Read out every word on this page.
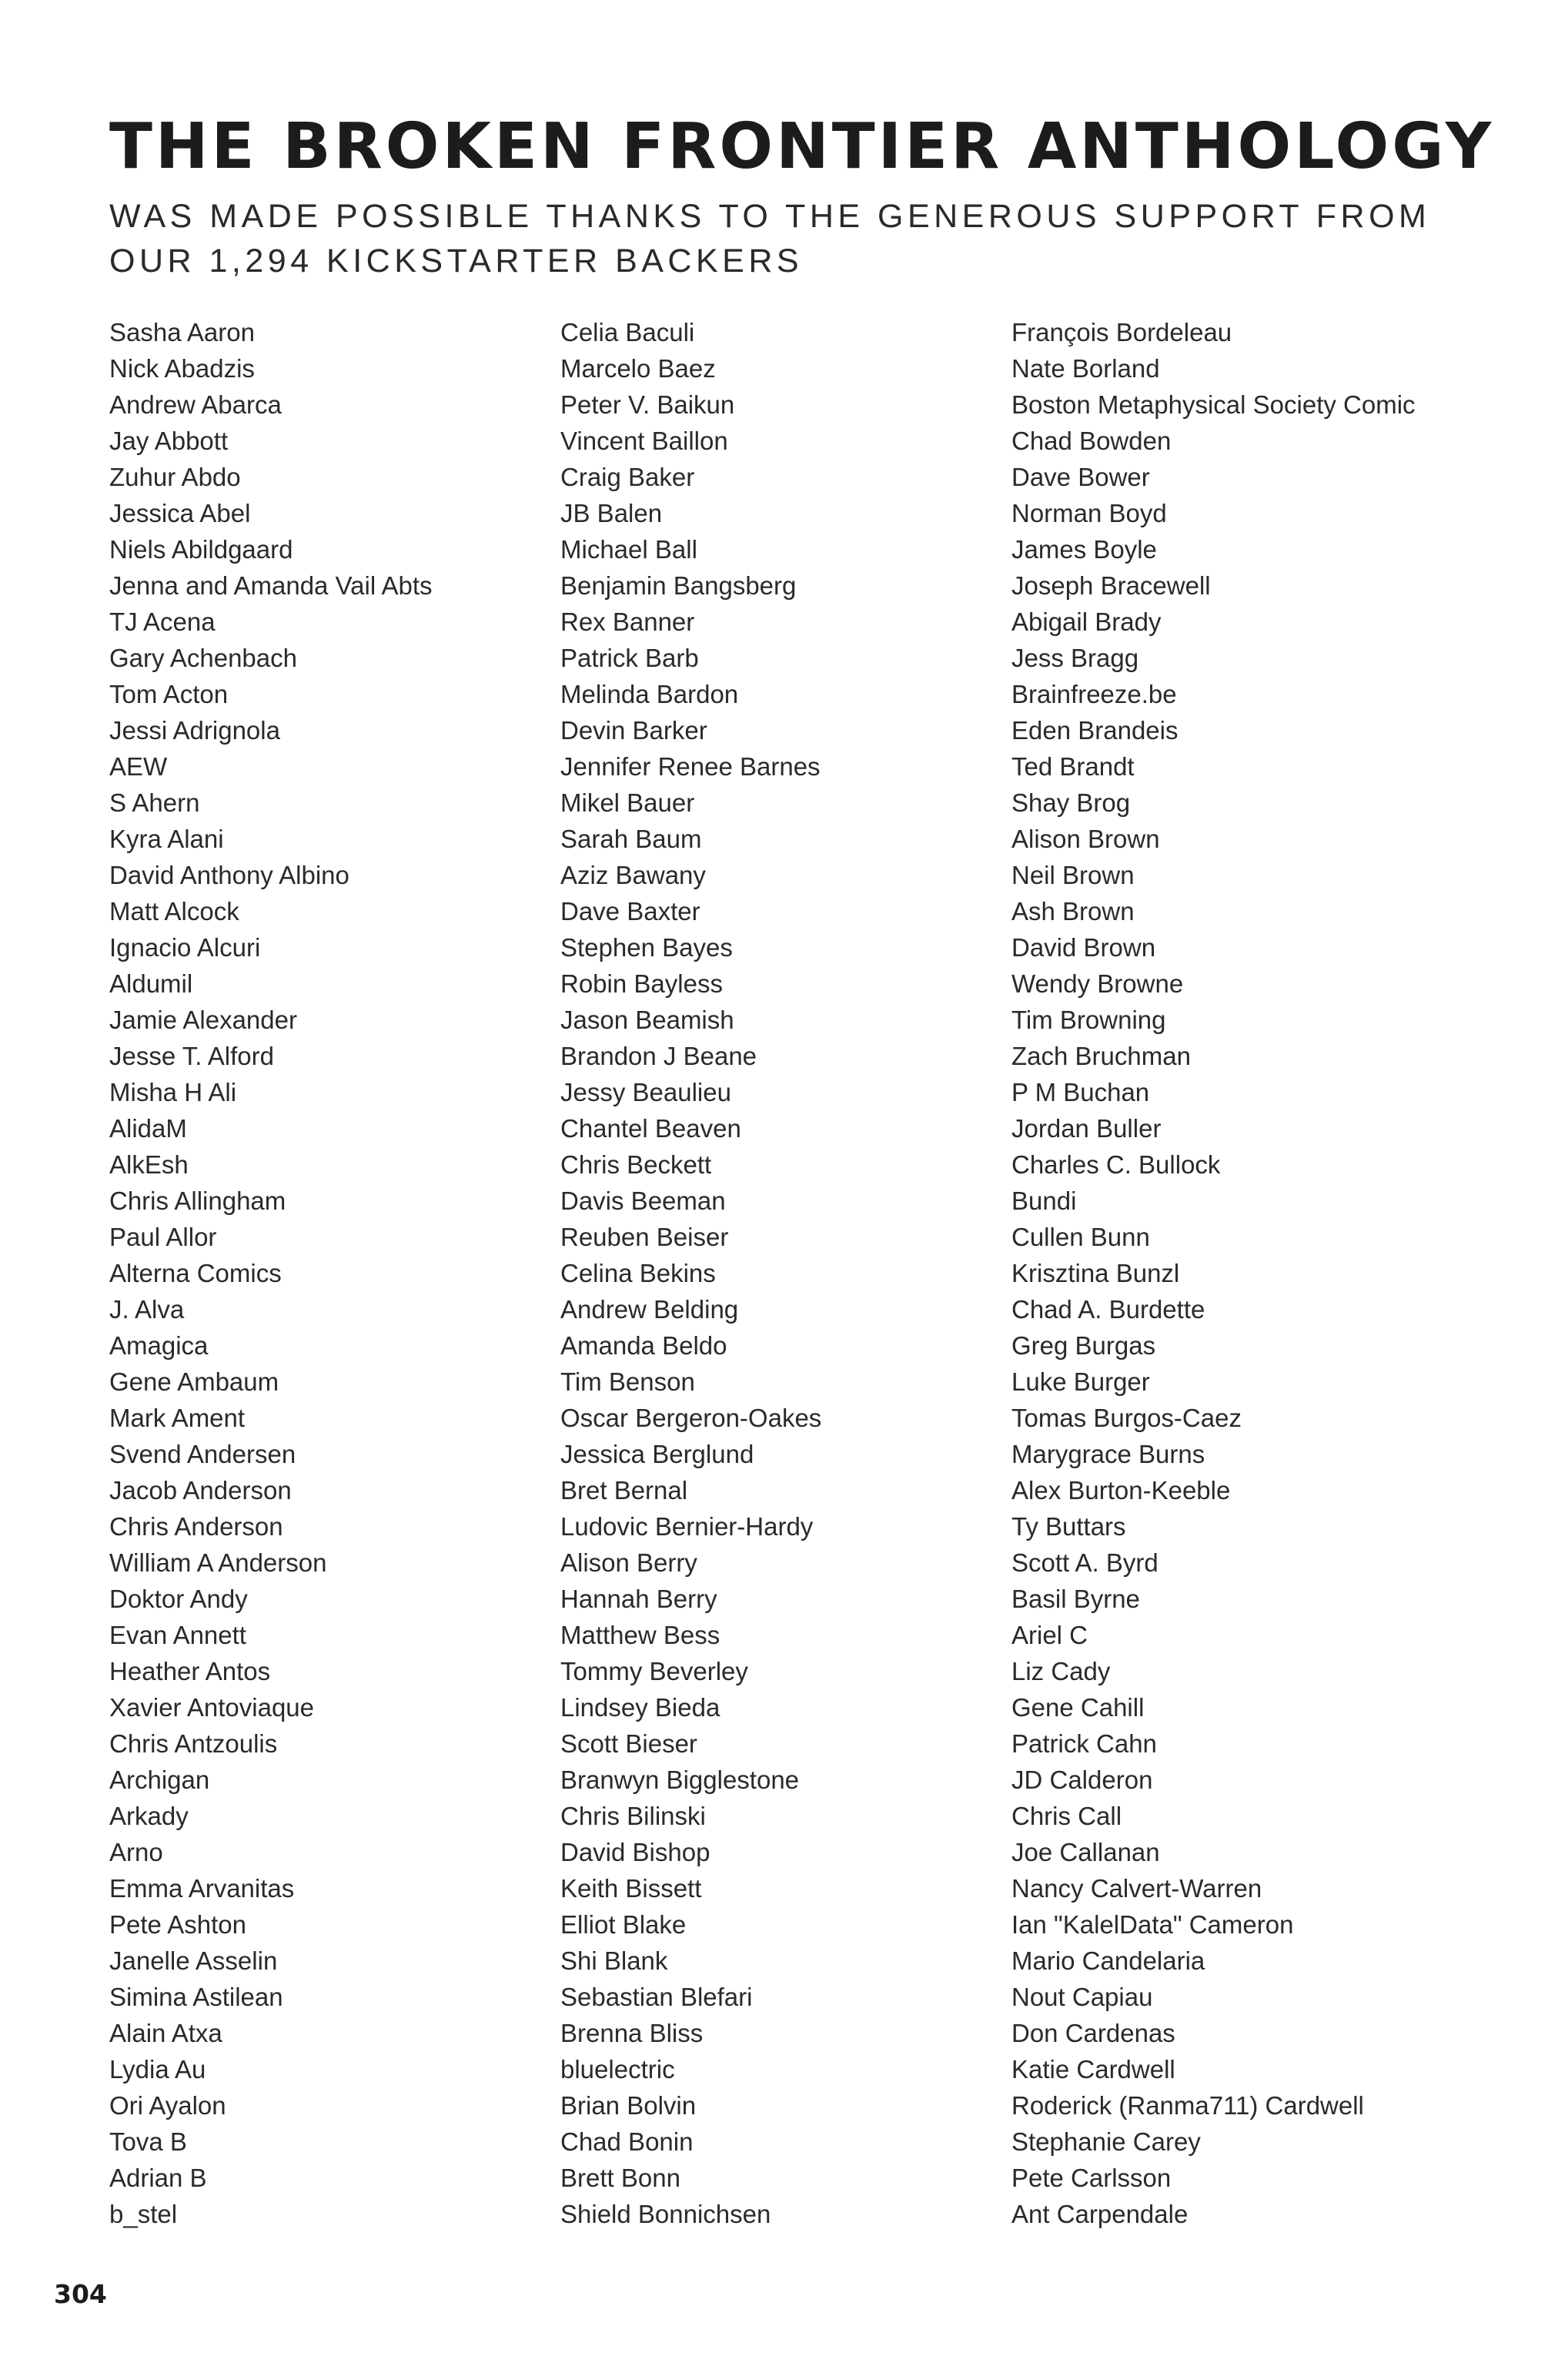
THE BROKEN FRONTIER ANTHOLOGY

WAS MADE POSSIBLE THANKS TO THE GENEROUS SUPPORT FROM OUR 1,294 KICKSTARTER BACKERS

Sasha Aaron
Nick Abadzis
Andrew Abarca
Jay Abbott
Zuhur Abdo
Jessica Abel
Niels Abildgaard
Jenna and Amanda Vail Abts
TJ Acena
Gary Achenbach
Tom Acton
Jessi Adrignola
AEW
S Ahern
Kyra Alani
David Anthony Albino
Matt Alcock
Ignacio Alcuri
Aldumil
Jamie Alexander
Jesse T. Alford
Misha H Ali
AlidaM
AlkEsh
Chris Allingham
Paul Allor
Alterna Comics
J. Alva
Amagica
Gene Ambaum
Mark Ament
Svend Andersen
Jacob Anderson
Chris Anderson
William A Anderson
Doktor Andy
Evan Annett
Heather Antos
Xavier Antoviaque
Chris Antzoulis
Archigan
Arkady
Arno
Emma Arvanitas
Pete Ashton
Janelle Asselin
Simina Astilean
Alain Atxa
Lydia Au
Ori Ayalon
Tova B
Adrian B
b_stel
Celia Baculi
Marcelo Baez
Peter V. Baikun
Vincent Baillon
Craig Baker
JB Balen
Michael Ball
Benjamin Bangsberg
Rex Banner
Patrick Barb
Melinda Bardon
Devin Barker
Jennifer Renee Barnes
Mikel Bauer
Sarah Baum
Aziz Bawany
Dave Baxter
Stephen Bayes
Robin Bayless
Jason Beamish
Brandon J Beane
Jessy Beaulieu
Chantel Beaven
Chris Beckett
Davis Beeman
Reuben Beiser
Celina Bekins
Andrew Belding
Amanda Beldo
Tim Benson
Oscar Bergeron-Oakes
Jessica Berglund
Bret Bernal
Ludovic Bernier-Hardy
Alison Berry
Hannah Berry
Matthew Bess
Tommy Beverley
Lindsey Bieda
Scott Bieser
Branwyn Bigglestone
Chris Bilinski
David Bishop
Keith Bissett
Elliot Blake
Shi Blank
Sebastian Blefari
Brenna Bliss
bluelectric
Brian Bolvin
Chad Bonin
Brett Bonn
Shield Bonnichsen
François Bordeleau
Nate Borland
Boston Metaphysical Society Comic
Chad Bowden
Dave Bower
Norman Boyd
James Boyle
Joseph Bracewell
Abigail Brady
Jess Bragg
Brainfreeze.be
Eden Brandeis
Ted Brandt
Shay Brog
Alison Brown
Neil Brown
Ash Brown
David Brown
Wendy Browne
Tim Browning
Zach Bruchman
P M Buchan
Jordan Buller
Charles C. Bullock
Bundi
Cullen Bunn
Krisztina Bunzl
Chad A. Burdette
Greg Burgas
Luke Burger
Tomas Burgos-Caez
Marygrace Burns
Alex Burton-Keeble
Ty Buttars
Scott A. Byrd
Basil Byrne
Ariel C
Liz Cady
Gene Cahill
Patrick Cahn
JD Calderon
Chris Call
Joe Callanan
Nancy Calvert-Warren
Ian "KalelData" Cameron
Mario Candelaria
Nout Capiau
Don Cardenas
Katie Cardwell
Roderick (Ranma711) Cardwell
Stephanie Carey
Pete Carlsson
Ant Carpendale
304
